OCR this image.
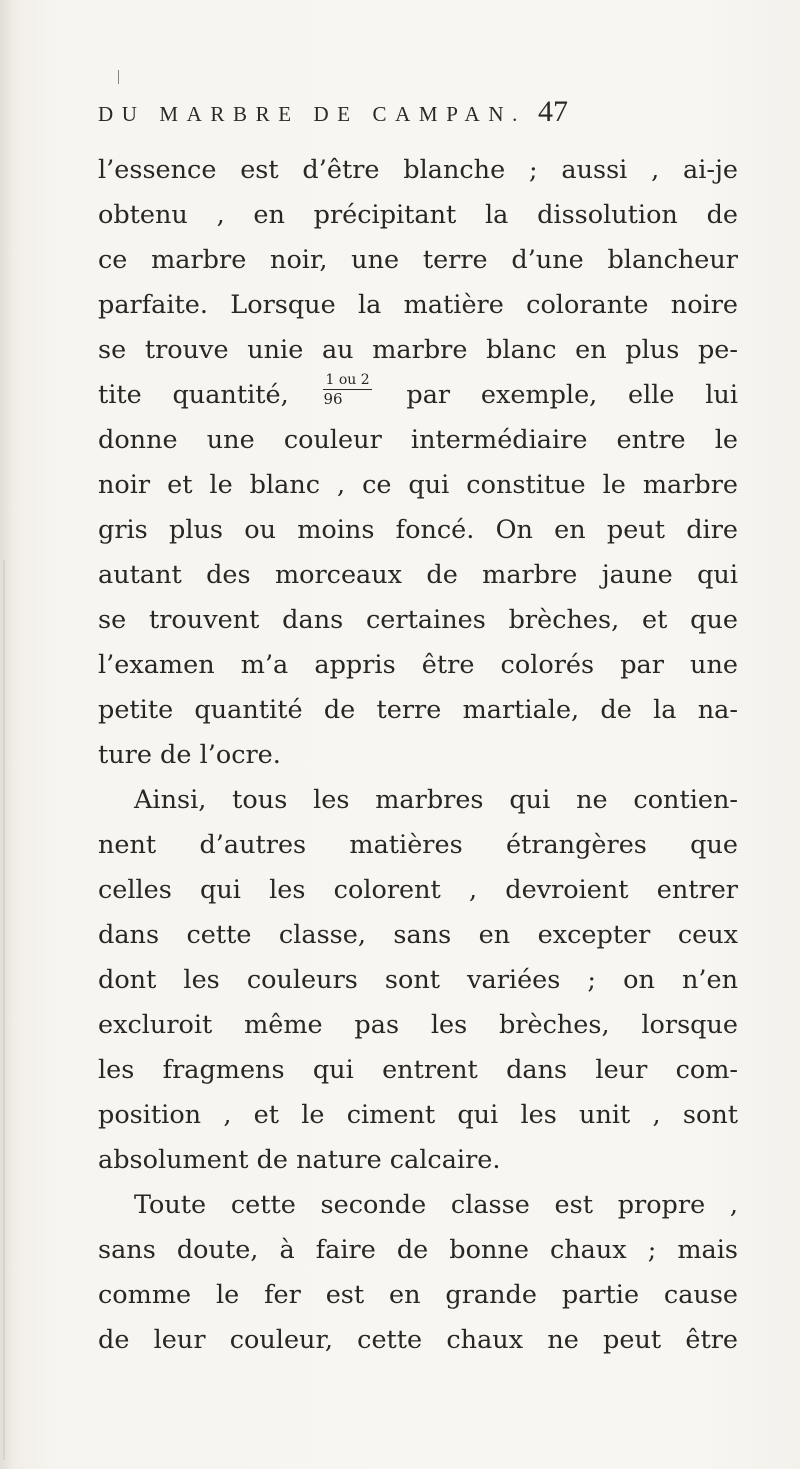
DU MARBRE DE CAMPAN. 47
l’essence est d’être blanche ; aussi , ai-je
obtenu , en précipitant la dissolution de
ce marbre noir, une terre d’une blancheur
parfaite. Lorsque la matière colorante noire
se trouve unie au marbre blanc en plus pe-
tite quantité, $\frac{1 ou 2}{96}$ par exemple, elle lui
donne une couleur intermédiaire entre le
noir et le blanc , ce qui constitue le marbre
gris plus ou moins foncé. On en peut dire
autant des morceaux de marbre jaune qui
se trouvent dans certaines brèches, et que
l’examen m’a appris être colorés par une
petite quantité de terre martiale, de la na-
ture de l’ocre.
Ainsi, tous les marbres qui ne contien-
nent d’autres matières étrangères que
celles qui les colorent , devroient entrer
dans cette classe, sans en excepter ceux
dont les couleurs sont variées ; on n’en
excluroit même pas les brèches, lorsque
les fragmens qui entrent dans leur com-
position , et le ciment qui les unit , sont
absolument de nature calcaire.
Toute cette seconde classe est propre ,
sans doute, à faire de bonne chaux ; mais
comme le fer est en grande partie cause
de leur couleur, cette chaux ne peut être
